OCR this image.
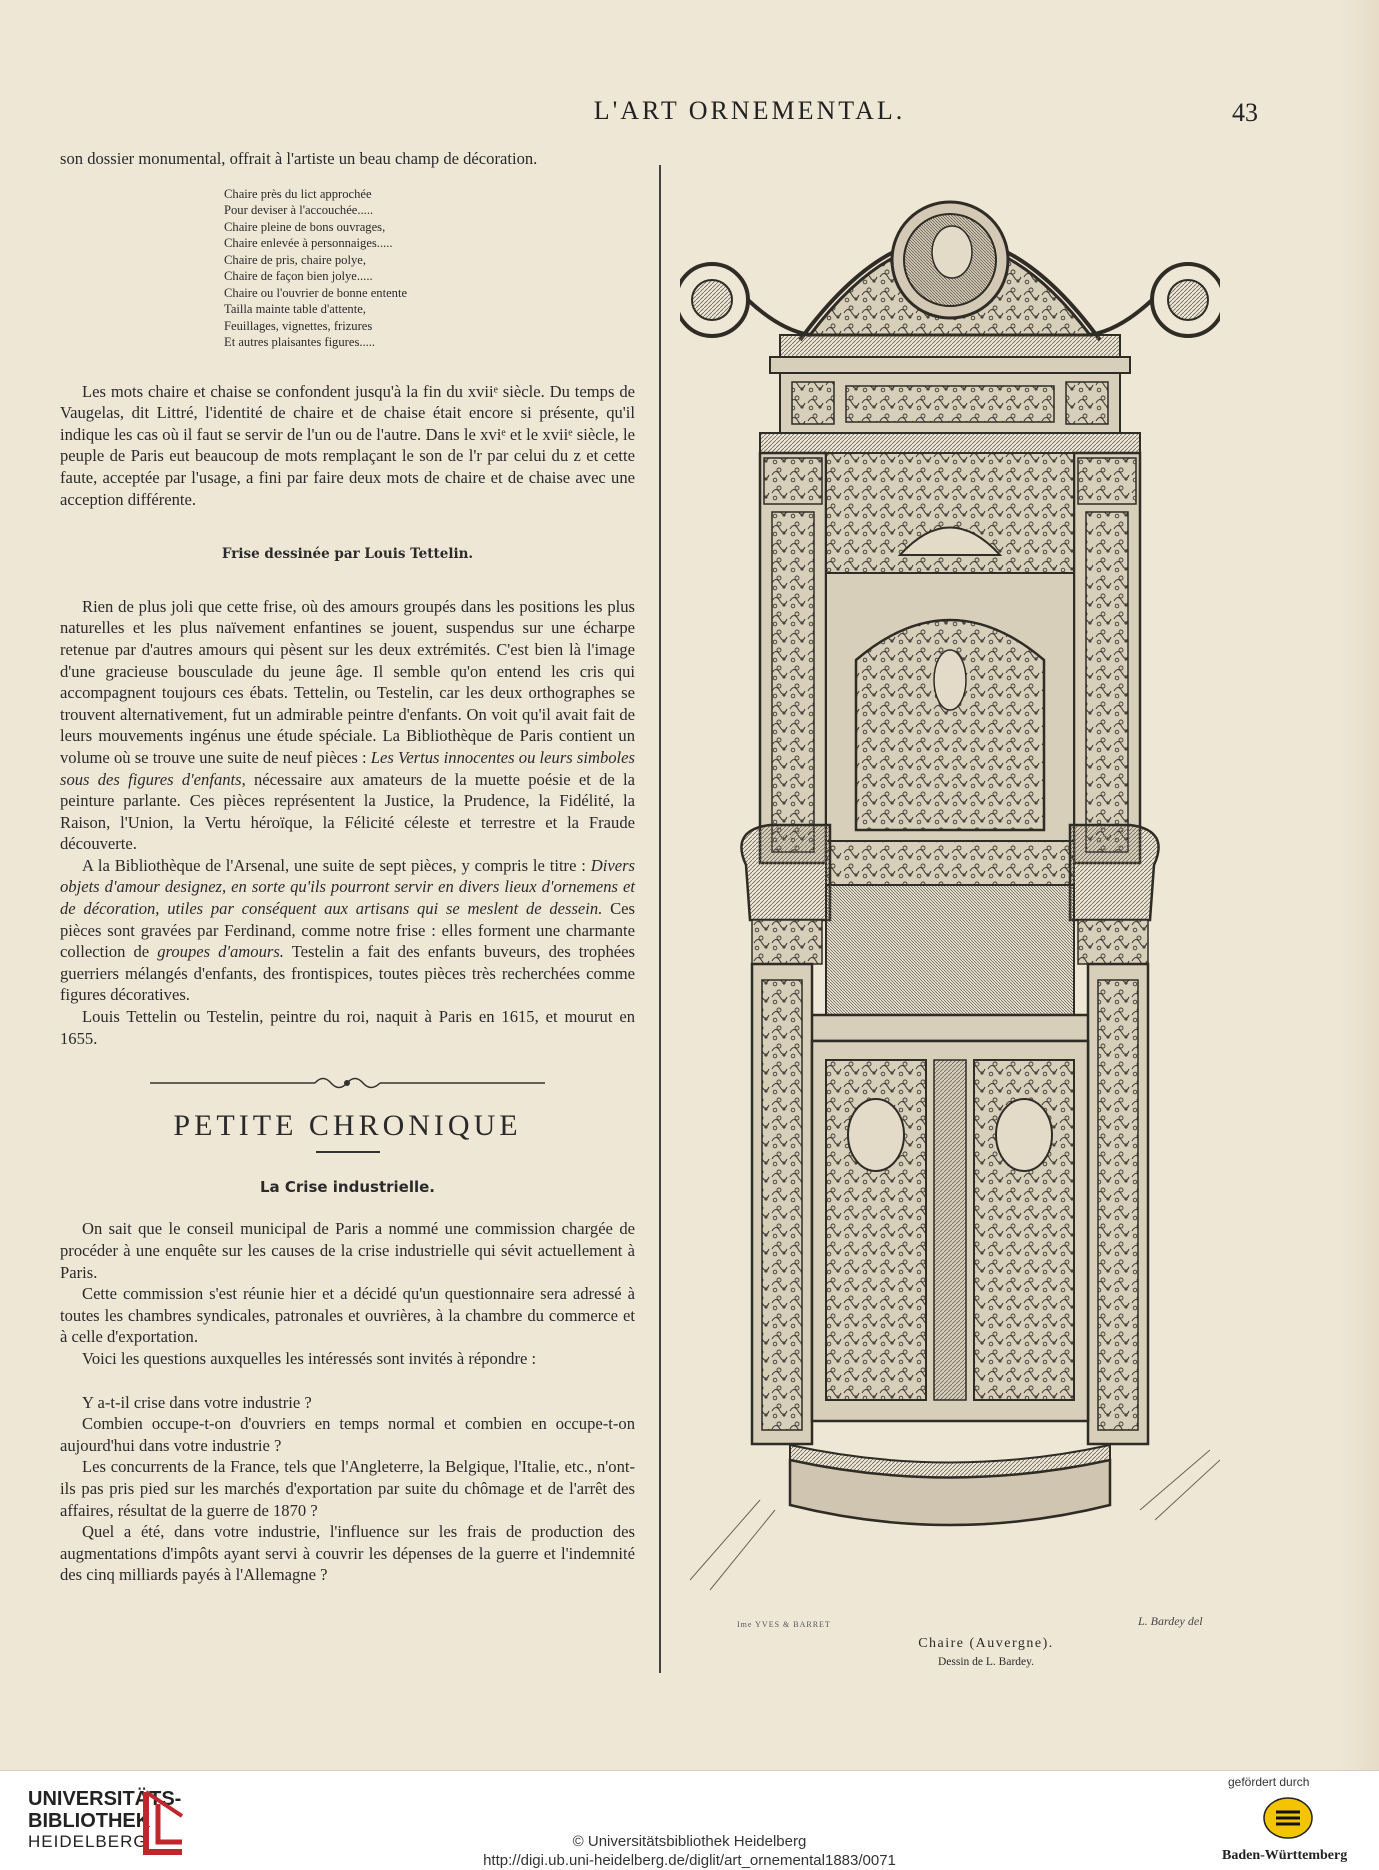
L'ART ORNEMENTAL.	43

son dossier monumental, offrait à l'artiste un beau champ de décoration.

Chaire près du lict approchée
Pour deviser à l'accouchée.....
Chaire pleine de bons ouvrages,
Chaire enlevée à personnaiges.....
Chaire de pris, chaire polye,
Chaire de façon bien jolye.....
Chaire ou l'ouvrier de bonne entente
Tailla mainte table d'attente,
Feuillages, vignettes, frizures
Et autres plaisantes figures.....

Les mots chaire et chaise se confondent jusqu'à la fin du xviiᵉ siècle. Du temps de Vaugelas, dit Littré, l'identité de chaire et de chaise était encore si présente, qu'il indique les cas où il faut se servir de l'un ou de l'autre. Dans le xviᵉ et le xviiᵉ siècle, le peuple de Paris eut beaucoup de mots remplaçant le son de l'r par celui du z et cette faute, acceptée par l'usage, a fini par faire deux mots de chaire et de chaise avec une acception différente.

Frise dessinée par Louis Tettelin.

Rien de plus joli que cette frise, où des amours groupés dans les positions les plus naturelles et les plus naïvement enfantines se jouent, suspendus sur une écharpe retenue par d'autres amours qui pèsent sur les deux extrémités. C'est bien là l'image d'une gracieuse bousculade du jeune âge. Il semble qu'on entend les cris qui accompagnent toujours ces ébats. Tettelin, ou Testelin, car les deux orthographes se trouvent alternativement, fut un admirable peintre d'enfants. On voit qu'il avait fait de leurs mouvements ingénus une étude spéciale. La Bibliothèque de Paris contient un volume où se trouve une suite de neuf pièces : Les Vertus innocentes ou leurs simboles sous des figures d'enfants, nécessaire aux amateurs de la muette poésie et de la peinture parlante. Ces pièces représentent la Justice, la Prudence, la Fidélité, la Raison, l'Union, la Vertu héroïque, la Félicité céleste et terrestre et la Fraude découverte.

A la Bibliothèque de l'Arsenal, une suite de sept pièces, y compris le titre : Divers objets d'amour designez, en sorte qu'ils pourront servir en divers lieux d'ornemens et de décoration, utiles par conséquent aux artisans qui se meslent de dessein. Ces pièces sont gravées par Ferdinand, comme notre frise : elles forment une charmante collection de groupes d'amours. Testelin a fait des enfants buveurs, des trophées guerriers mélangés d'enfants, des frontispices, toutes pièces très recherchées comme figures décoratives.

Louis Tettelin ou Testelin, peintre du roi, naquit à Paris en 1615, et mourut en 1655.

PETITE CHRONIQUE
La Crise industrielle.

On sait que le conseil municipal de Paris a nommé une commission chargée de procéder à une enquête sur les causes de la crise industrielle qui sévit actuellement à Paris.

Cette commission s'est réunie hier et a décidé qu'un questionnaire sera adressé à toutes les chambres syndicales, patronales et ouvrières, à la chambre du commerce et à celle d'exportation.

Voici les questions auxquelles les intéressés sont invités à répondre :

Y a-t-il crise dans votre industrie ?

Combien occupe-t-on d'ouvriers en temps normal et combien en occupe-t-on aujourd'hui dans votre industrie ?

Les concurrents de la France, tels que l'Angleterre, la Belgique, l'Italie, etc., n'ont-ils pas pris pied sur les marchés d'exportation par suite du chômage et de l'arrêt des affaires, résultat de la guerre de 1870 ?

Quel a été, dans votre industrie, l'influence sur les frais de production des augmentations d'impôts ayant servi à couvrir les dépenses de la guerre et l'indemnité des cinq milliards payés à l'Allemagne ?

Ime YVES & BARRET	L. Bardey del
Chaire (Auvergne).
Dessin de L. Bardey.
UNIVERSITÄTS-
BIBLIOTHEK
HEIDELBERG	© Universitätsbibliothek Heidelberg
http://digi.ub.uni-heidelberg.de/diglit/art_ornemental1883/0071
gefördert durch
Baden-Württemberg
